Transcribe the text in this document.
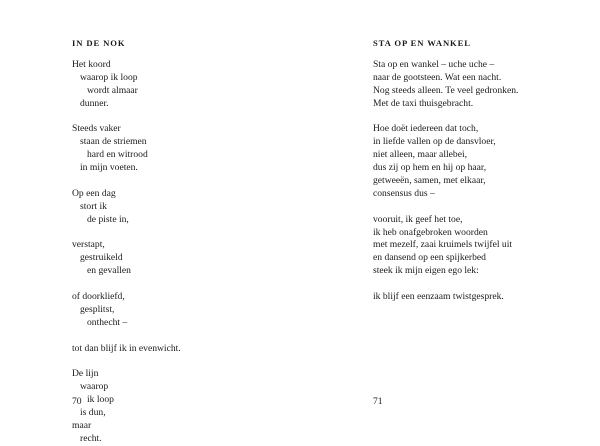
IN DE NOK
Het koord
waarop ik loop
wordt almaar
dunner.
Steeds vaker
staan de striemen
hard en witrood
in mijn voeten.
Op een dag
stort ik
de piste in,
verstapt,
gestruikeld
en gevallen
of doorkliefd,
gesplitst,
onthecht –
tot dan blijf ik in evenwicht.
De lijn
waarop
ik loop
is dun,
maar
recht.
70
STA OP EN WANKEL
Sta op en wankel – uche uche –
naar de gootsteen. Wat een nacht.
Nog steeds alleen. Te veel gedronken.
Met de taxi thuisgebracht.
Hoe doët iedereen dat toch,
in liefde vallen op de dansvloer,
niet alleen, maar allebei,
dus zij op hem en hij op haar,
getweeën, samen, met elkaar,
consensus dus –
vooruit, ik geef het toe,
ik heb onafgebroken woorden
met mezelf, zaai kruimels twijfel uit
en dansend op een spijkerbed
steek ik mijn eigen ego lek:
ik blijf een eenzaam twistgesprek.
71
